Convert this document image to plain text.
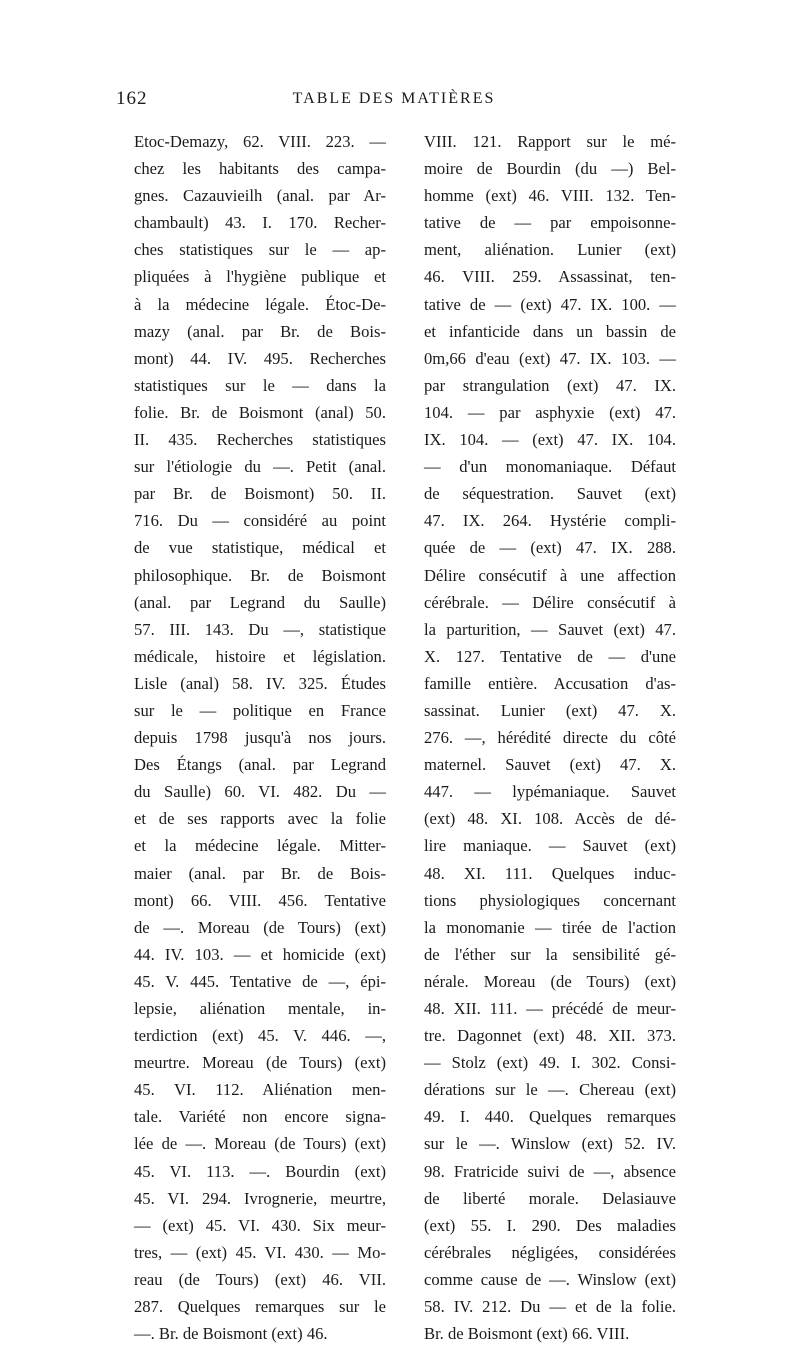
162	TABLE DES MATIÈRES
Etoc-Demazy, 62. VIII. 223. —
chez les habitants des campa-
gnes. Cazauvieilh (anal. par Ar-
chambault) 43. I. 170. Recher-
ches statistiques sur le — ap-
pliquées à l'hygiène publique et
à la médecine légale. Étoc-De-
mazy (anal. par Br. de Bois-
mont) 44. IV. 495. Recherches
statistiques sur le — dans la
folie. Br. de Boismont (anal) 50.
II. 435. Recherches statistiques
sur l'étiologie du —. Petit (anal.
par Br. de Boismont) 50. II.
716. Du — considéré au point
de vue statistique, médical et
philosophique. Br. de Boismont
(anal. par Legrand du Saulle)
57. III. 143. Du —, statistique
médicale, histoire et législation.
Lisle (anal) 58. IV. 325. Études
sur le — politique en France
depuis 1798 jusqu'à nos jours.
Des Étangs (anal. par Legrand
du Saulle) 60. VI. 482. Du —
et de ses rapports avec la folie
et la médecine légale. Mitter-
maier (anal. par Br. de Bois-
mont) 66. VIII. 456. Tentative
de —. Moreau (de Tours) (ext)
44. IV. 103. — et homicide (ext)
45. V. 445. Tentative de —, épi-
lepsie, aliénation mentale, in-
terdiction (ext) 45. V. 446. —,
meurtre. Moreau (de Tours) (ext)
45. VI. 112. Aliénation men-
tale. Variété non encore signa-
lée de —. Moreau (de Tours) (ext)
45. VI. 113. —. Bourdin (ext)
45. VI. 294. Ivrognerie, meurtre,
— (ext) 45. VI. 430. Six meur-
tres, — (ext) 45. VI. 430. — Mo-
reau (de Tours) (ext) 46. VII.
287. Quelques remarques sur le
—. Br. de Boismont (ext) 46.
VIII. 121. Rapport sur le mé-
moire de Bourdin (du —) Bel-
homme (ext) 46. VIII. 132. Ten-
tative de — par empoisonne-
ment, aliénation. Lunier (ext)
46. VIII. 259. Assassinat, ten-
tative de — (ext) 47. IX. 100. —
et infanticide dans un bassin de
0m,66 d'eau (ext) 47. IX. 103. —
par strangulation (ext) 47. IX.
104. — par asphyxie (ext) 47.
IX. 104. — (ext) 47. IX. 104.
— d'un monomaniaque. Défaut
de séquestration. Sauvet (ext)
47. IX. 264. Hystérie compli-
quée de — (ext) 47. IX. 288.
Délire consécutif à une affection
cérébrale. — Délire consécutif à
la parturition, — Sauvet (ext) 47.
X. 127. Tentative de — d'une
famille entière. Accusation d'as-
sassinat. Lunier (ext) 47. X.
276. —, hérédité directe du côté
maternel. Sauvet (ext) 47. X.
447. — lypémaniaque. Sauvet
(ext) 48. XI. 108. Accès de dé-
lire maniaque. — Sauvet (ext)
48. XI. 111. Quelques induc-
tions physiologiques concernant
la monomanie — tirée de l'action
de l'éther sur la sensibilité gé-
nérale. Moreau (de Tours) (ext)
48. XII. 111. — précédé de meur-
tre. Dagonnet (ext) 48. XII. 373.
— Stolz (ext) 49. I. 302. Consi-
dérations sur le —. Chereau (ext)
49. I. 440. Quelques remarques
sur le —. Winslow (ext) 52. IV.
98. Fratricide suivi de —, absence
de liberté morale. Delasiauve
(ext) 55. I. 290. Des maladies
cérébrales négligées, considérées
comme cause de —. Winslow (ext)
58. IV. 212. Du — et de la folie.
Br. de Boismont (ext) 66. VIII.
